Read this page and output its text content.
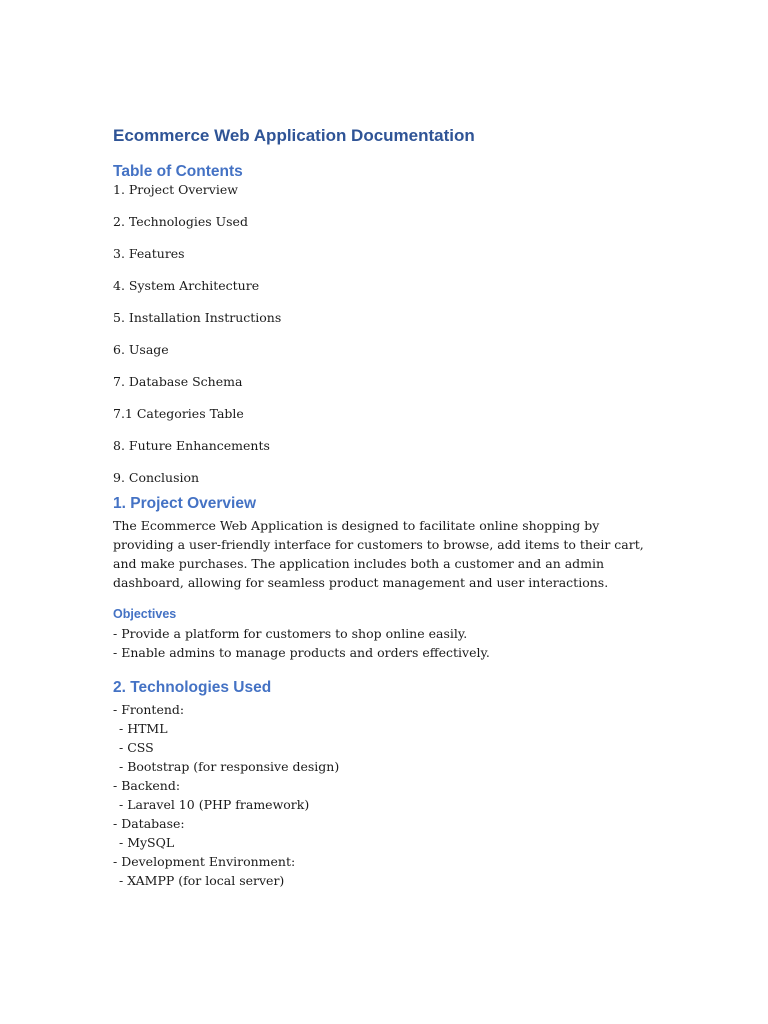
Ecommerce Web Application Documentation
Table of Contents
1. Project Overview
2. Technologies Used
3. Features
4. System Architecture
5. Installation Instructions
6. Usage
7. Database Schema
7.1 Categories Table
8. Future Enhancements
9. Conclusion
1. Project Overview

The Ecommerce Web Application is designed to facilitate online shopping by providing a user-friendly interface for customers to browse, add items to their cart, and make purchases. The application includes both a customer and an admin dashboard, allowing for seamless product management and user interactions.

Objectives
- Provide a platform for customers to shop online easily.
- Enable admins to manage products and orders effectively.
2. Technologies Used
- Frontend:
- HTML
- CSS
- Bootstrap (for responsive design)
- Backend:
- Laravel 10 (PHP framework)
- Database:
- MySQL
- Development Environment:
- XAMPP (for local server)
